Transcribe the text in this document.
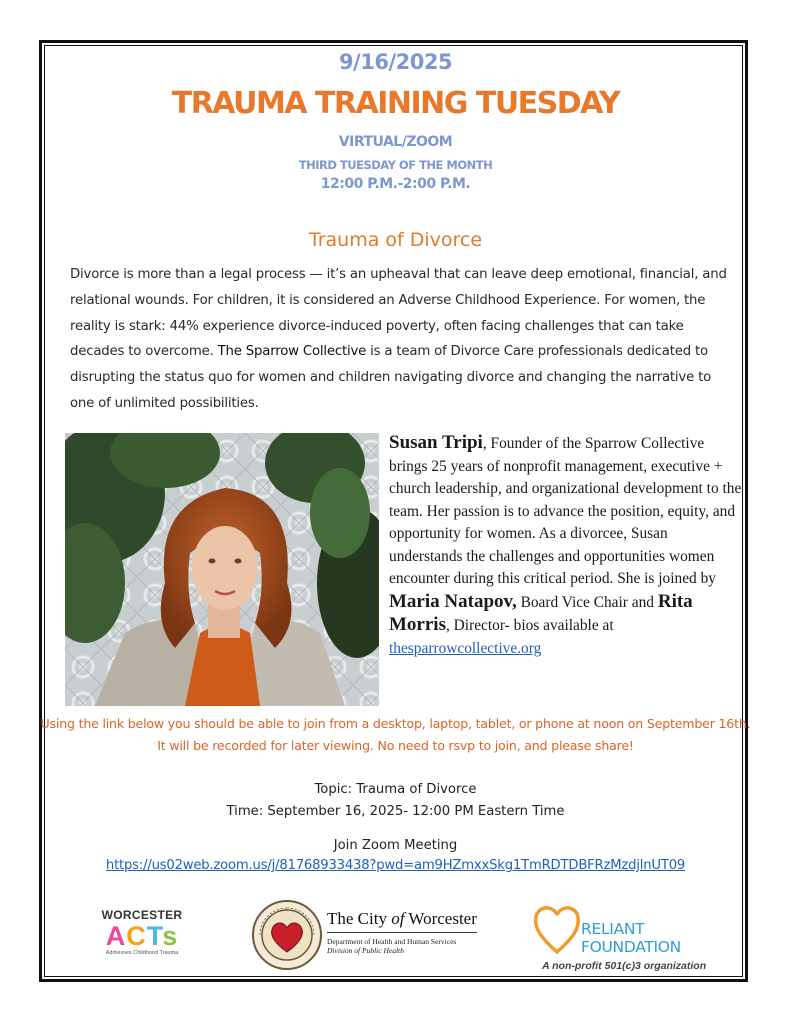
9/16/2025
TRAUMA TRAINING TUESDAY
VIRTUAL/ZOOM
THIRD TUESDAY OF THE MONTH
12:00 P.M.-2:00 P.M.
Trauma of Divorce
Divorce is more than a legal process — it’s an upheaval that can leave deep emotional, financial, and relational wounds. For children, it is considered an Adverse Childhood Experience. For women, the reality is stark: 44% experience divorce-induced poverty, often facing challenges that can take decades to overcome. The Sparrow Collective is a team of Divorce Care professionals dedicated to disrupting the status quo for women and children navigating divorce and changing the narrative to one of unlimited possibilities.
Susan Tripi, Founder of the Sparrow Collective brings 25 years of nonprofit management, executive + church leadership, and organizational development to the team. Her passion is to advance the position, equity, and opportunity for women. As a divorcee, Susan understands the challenges and opportunities women encounter during this critical period. She is joined by Maria Natapov, Board Vice Chair and Rita Morris, Director- bios available at thesparrowcollective.org
Using the link below you should be able to join from a desktop, laptop, tablet, or phone at noon on September 16th. It will be recorded for later viewing. No need to rsvp to join, and please share!
Topic: Trauma of Divorce
Time: September 16, 2025- 12:00 PM Eastern Time
Join Zoom Meeting
https://us02web.zoom.us/j/81768933438?pwd=am9HZmxxSkg1TmRDTDBFRzMzdjlnUT09
WORCESTER
ACTs
Addresses Childhood Trauma
The City of Worcester
Department of Health and Human Services
Division of Public Health
RELIANT
FOUNDATION
A non-profit 501(c)3 organization
